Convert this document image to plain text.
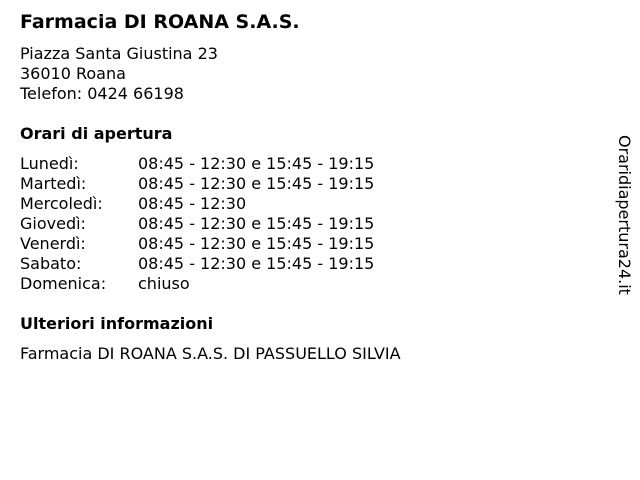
Farmacia DI ROANA S.A.S.
Piazza Santa Giustina 23
36010 Roana
Telefon: 0424 66198
Orari di apertura
Lunedì:	08:45 - 12:30 e 15:45 - 19:15
Martedì:	08:45 - 12:30 e 15:45 - 19:15
Mercoledì:	08:45 - 12:30
Giovedì:	08:45 - 12:30 e 15:45 - 19:15
Venerdì:	08:45 - 12:30 e 15:45 - 19:15
Sabato:	08:45 - 12:30 e 15:45 - 19:15
Domenica:	chiuso
Ulteriori informazioni
Farmacia DI ROANA S.A.S. DI PASSUELLO SILVIA
Oraridiapertura24.it
